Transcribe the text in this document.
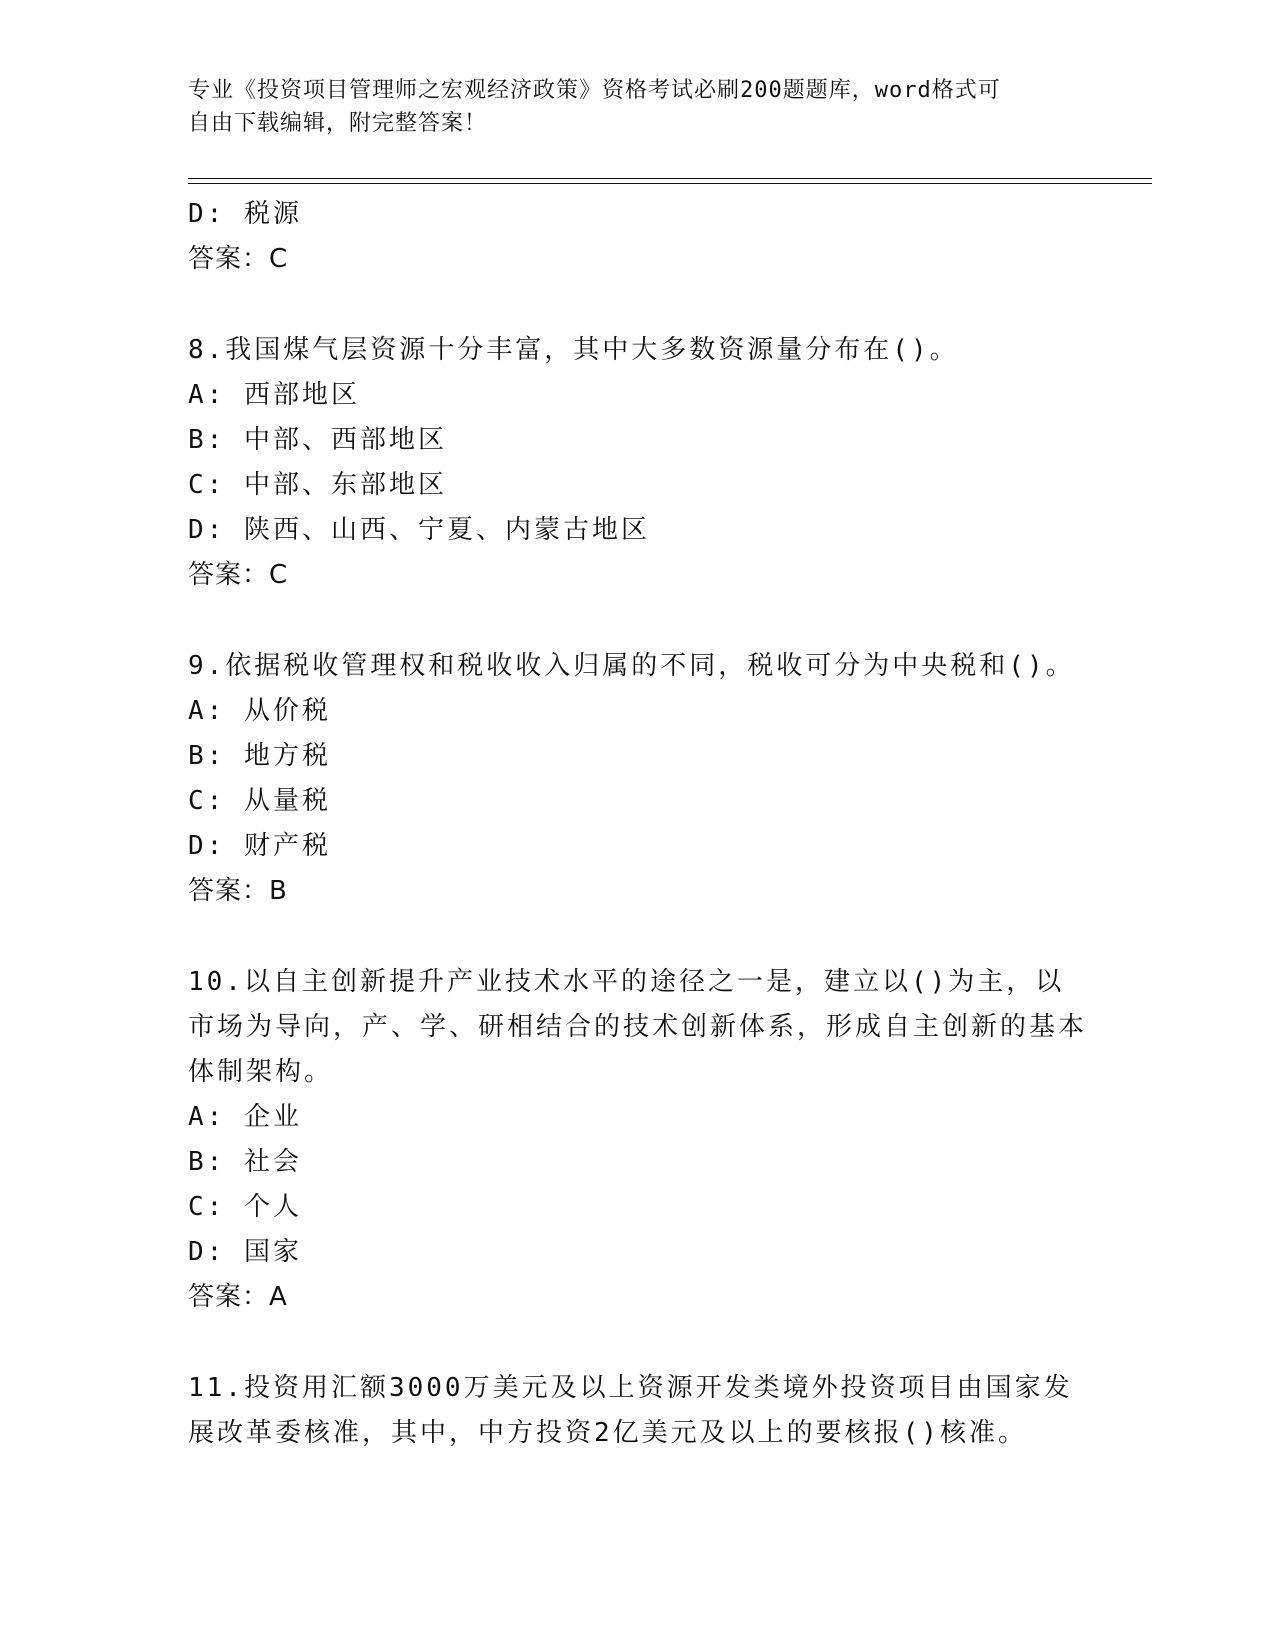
专业《投资项目管理师之宏观经济政策》资格考试必刷200题题库，word格式可
自由下载编辑，附完整答案！
D: 税源
答案：C
8.我国煤气层资源十分丰富，其中大多数资源量分布在()。
A: 西部地区
B: 中部、西部地区
C: 中部、东部地区
D: 陕西、山西、宁夏、内蒙古地区
答案：C
9.依据税收管理权和税收收入归属的不同，税收可分为中央税和()。
A: 从价税
B: 地方税
C: 从量税
D: 财产税
答案：B
10.以自主创新提升产业技术水平的途径之一是，建立以()为主，以市场为导向，产、学、研相结合的技术创新体系，形成自主创新的基本体制架构。
A: 企业
B: 社会
C: 个人
D: 国家
答案：A
11.投资用汇额3000万美元及以上资源开发类境外投资项目由国家发展改革委核准，其中，中方投资2亿美元及以上的要核报()核准。
